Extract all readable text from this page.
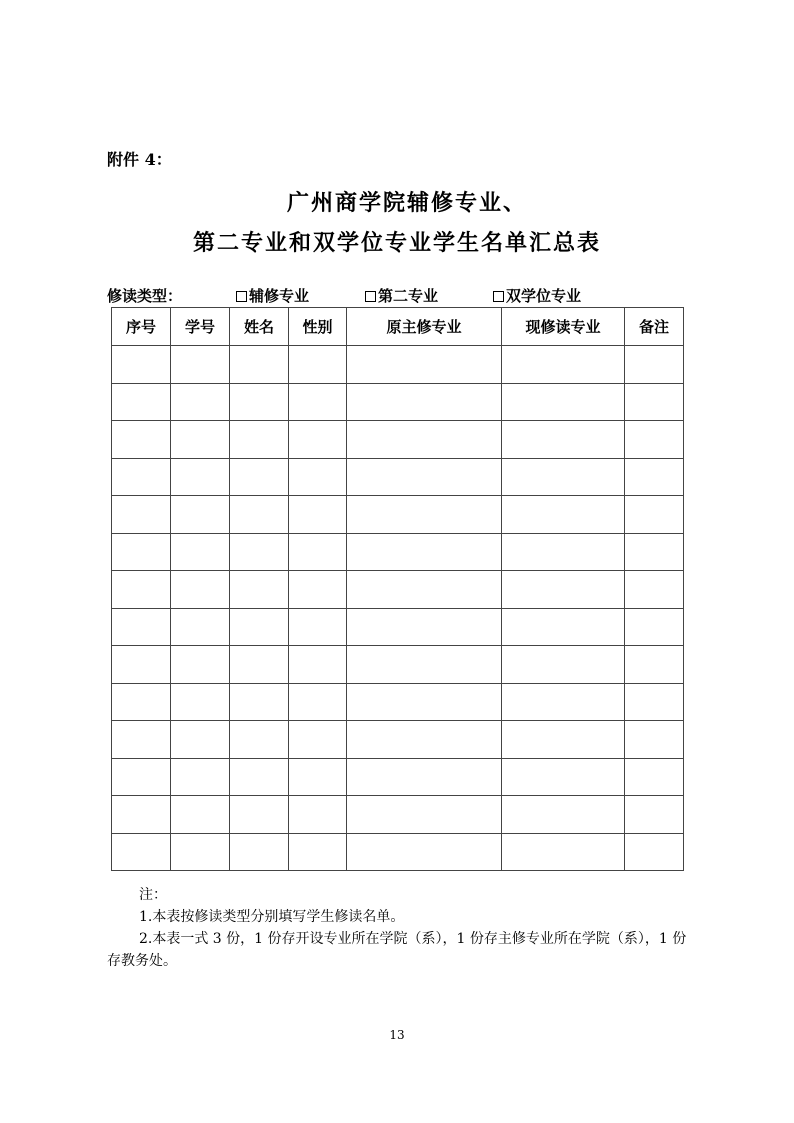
附件 4：
广州商学院辅修专业、
第二专业和双学位专业学生名单汇总表
修读类型：	辅修专业	第二专业	双学位专业
序号	学号	姓名	性别	原主修专业	现修读专业	备注

注：
1.本表按修读类型分别填写学生修读名单。
2.本表一式 3 份，1 份存开设专业所在学院（系），1 份存主修专业所在学院（系），1 份存教务处。
13
